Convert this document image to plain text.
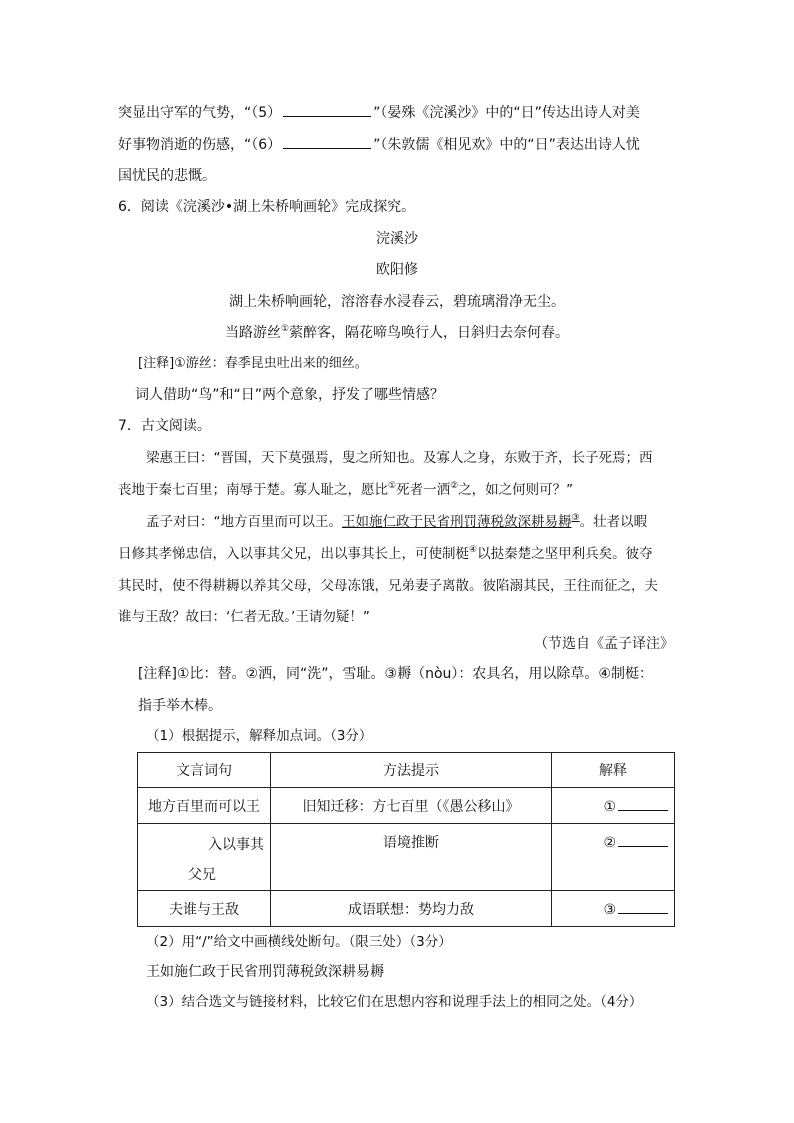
突显出守军的气势，“（5）	”（晏殊《浣溪沙》中的“日”传达出诗人对美
好事物消逝的伤感，“（6）	”（朱敦儒《相见欢》中的“日”表达出诗人忧
国忧民的悲慨。
6．阅读《浣溪沙•湖上朱桥响画轮》完成探究。
浣溪沙
欧阳修
湖上朱桥响画轮，溶溶春水浸春云，碧琉璃滑净无尘。
当路游丝①萦醉客，隔花啼鸟唤行人，日斜归去奈何春。
[注释]①游丝：春季昆虫吐出来的细丝。
词人借助“鸟”和“日”两个意象，抒发了哪些情感？
7．古文阅读。
梁惠王曰：“晋国，天下莫强焉，叟之所知也。及寡人之身，东败于齐，长子死焉；西
丧地于秦七百里；南辱于楚。寡人耻之，愿比①死者一洒②之，如之何则可？”
孟子对曰：“地方百里而可以王。王如施仁政于民省刑罚薄税敛深耕易耨③。壮者以暇
日修其孝悌忠信，入以事其父兄，出以事其长上，可使制梃④以挞秦楚之坚甲利兵矣。彼夺
其民时，使不得耕耨以养其父母，父母冻饿，兄弟妻子离散。彼陷溺其民，王往而征之，夫
谁与王敌？故曰：‘仁者无敌。’王请勿疑！”
（节选自《孟子译注》
[注释]①比：替。②洒，同“洗”，雪耻。③耨（nòu）：农具名，用以除草。④制梃：
指手举木棒。
（1）根据提示，解释加点词。（3分）
文言词句	方法提示	解释
地方百里而可以王	旧知迁移：方七百里（《愚公移山》	①

入以事其
父兄	语境推断	②
夫谁与王敌	成语联想：势均力敌	③
（2）用“/”给文中画横线处断句。（限三处）（3分）
王如施仁政于民省刑罚薄税敛深耕易耨
（3）结合选文与链接材料，比较它们在思想内容和说理手法上的相同之处。（4分）
